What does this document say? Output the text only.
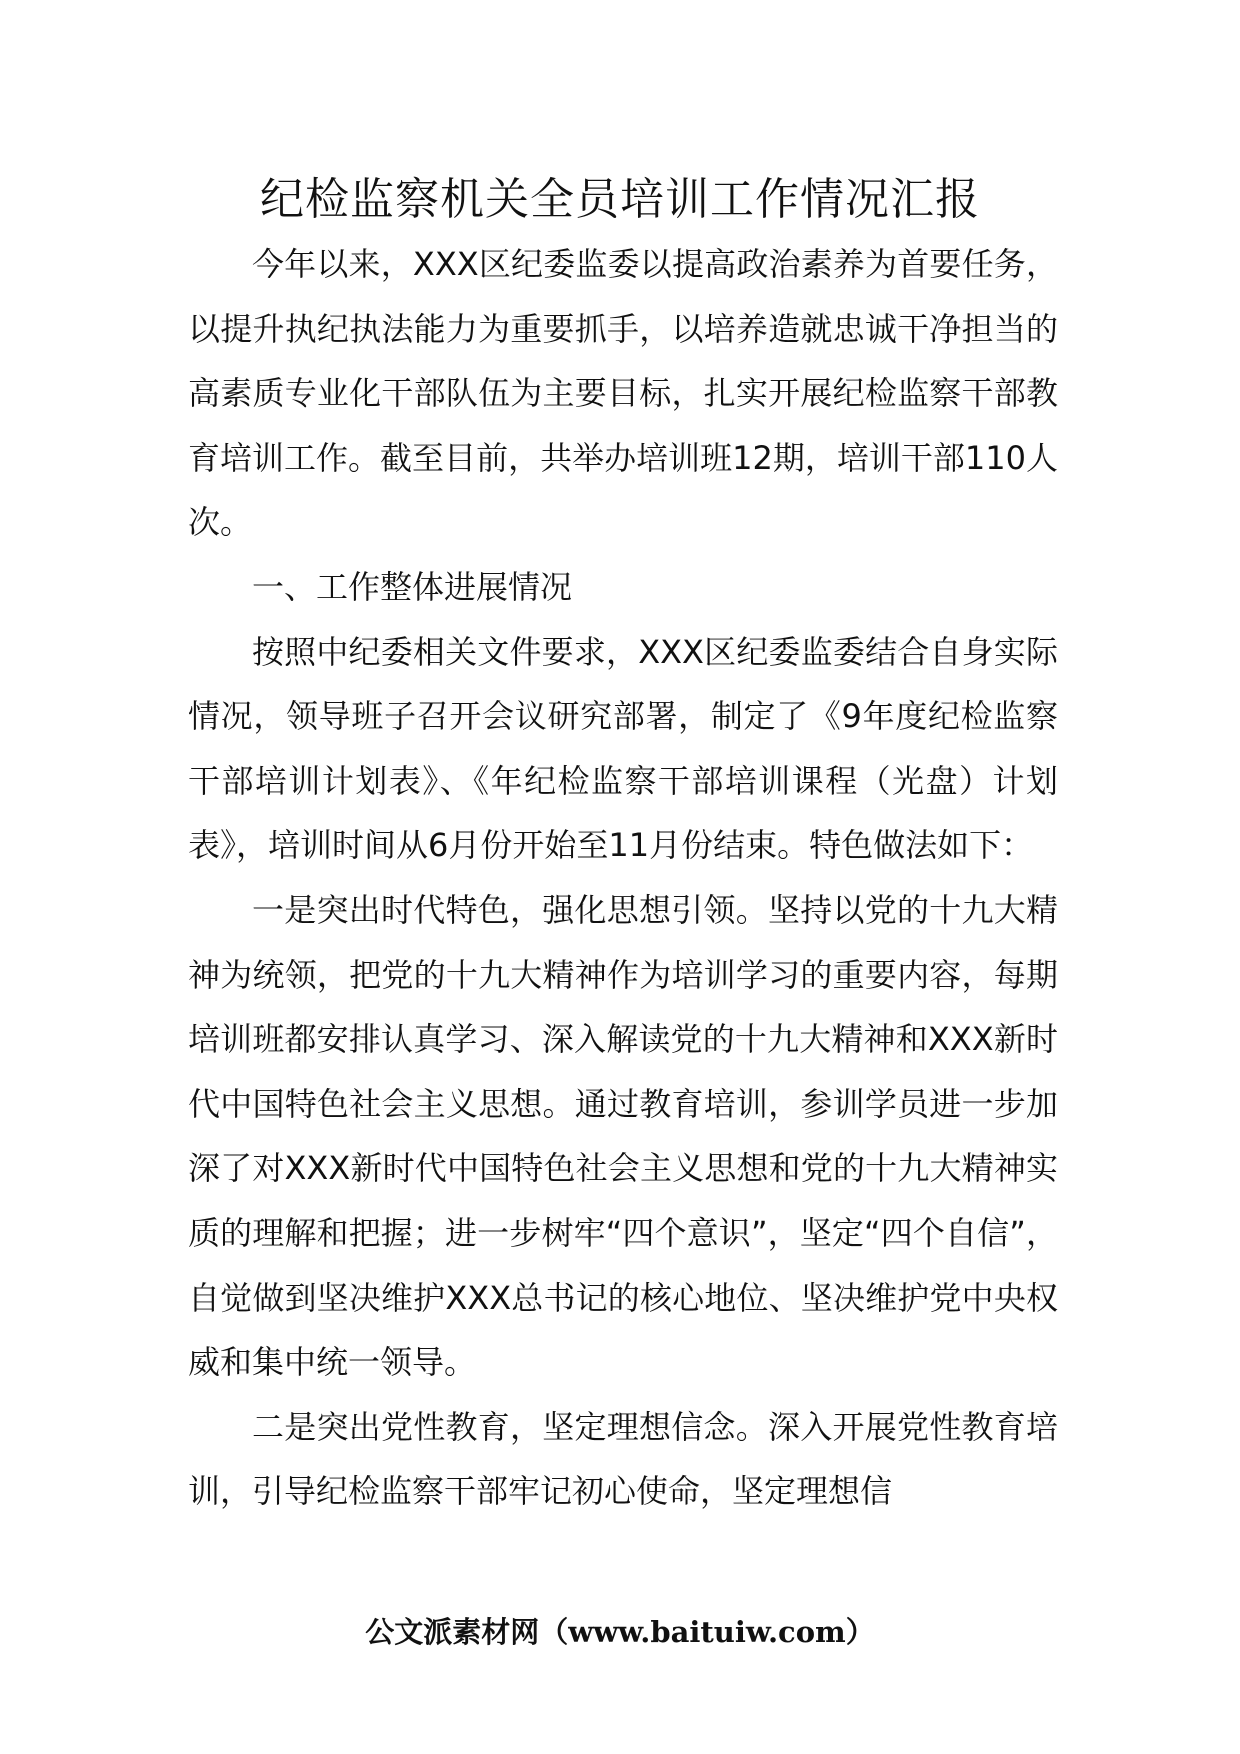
纪检监察机关全员培训工作情况汇报

今年以来，XXX区纪委监委以提高政治素养为首要任务，以提升执纪执法能力为重要抓手，以培养造就忠诚干净担当的高素质专业化干部队伍为主要目标，扎实开展纪检监察干部教育培训工作。截至目前，共举办培训班12期，培训干部110人次。

一、工作整体进展情况

按照中纪委相关文件要求，XXX区纪委监委结合自身实际情况，领导班子召开会议研究部署，制定了《9年度纪检监察干部培训计划表》、《年纪检监察干部培训课程（光盘）计划表》，培训时间从6月份开始至11月份结束。特色做法如下：

一是突出时代特色，强化思想引领。坚持以党的十九大精神为统领，把党的十九大精神作为培训学习的重要内容，每期培训班都安排认真学习、深入解读党的十九大精神和XXX新时代中国特色社会主义思想。通过教育培训，参训学员进一步加深了对XXX新时代中国特色社会主义思想和党的十九大精神实质的理解和把握；进一步树牢“四个意识”，坚定“四个自信”，自觉做到坚决维护XXX总书记的核心地位、坚决维护党中央权威和集中统一领导。

二是突出党性教育，坚定理想信念。深入开展党性教育培训，引导纪检监察干部牢记初心使命，坚定理想信

公文派素材网（www.baituiw.com）
